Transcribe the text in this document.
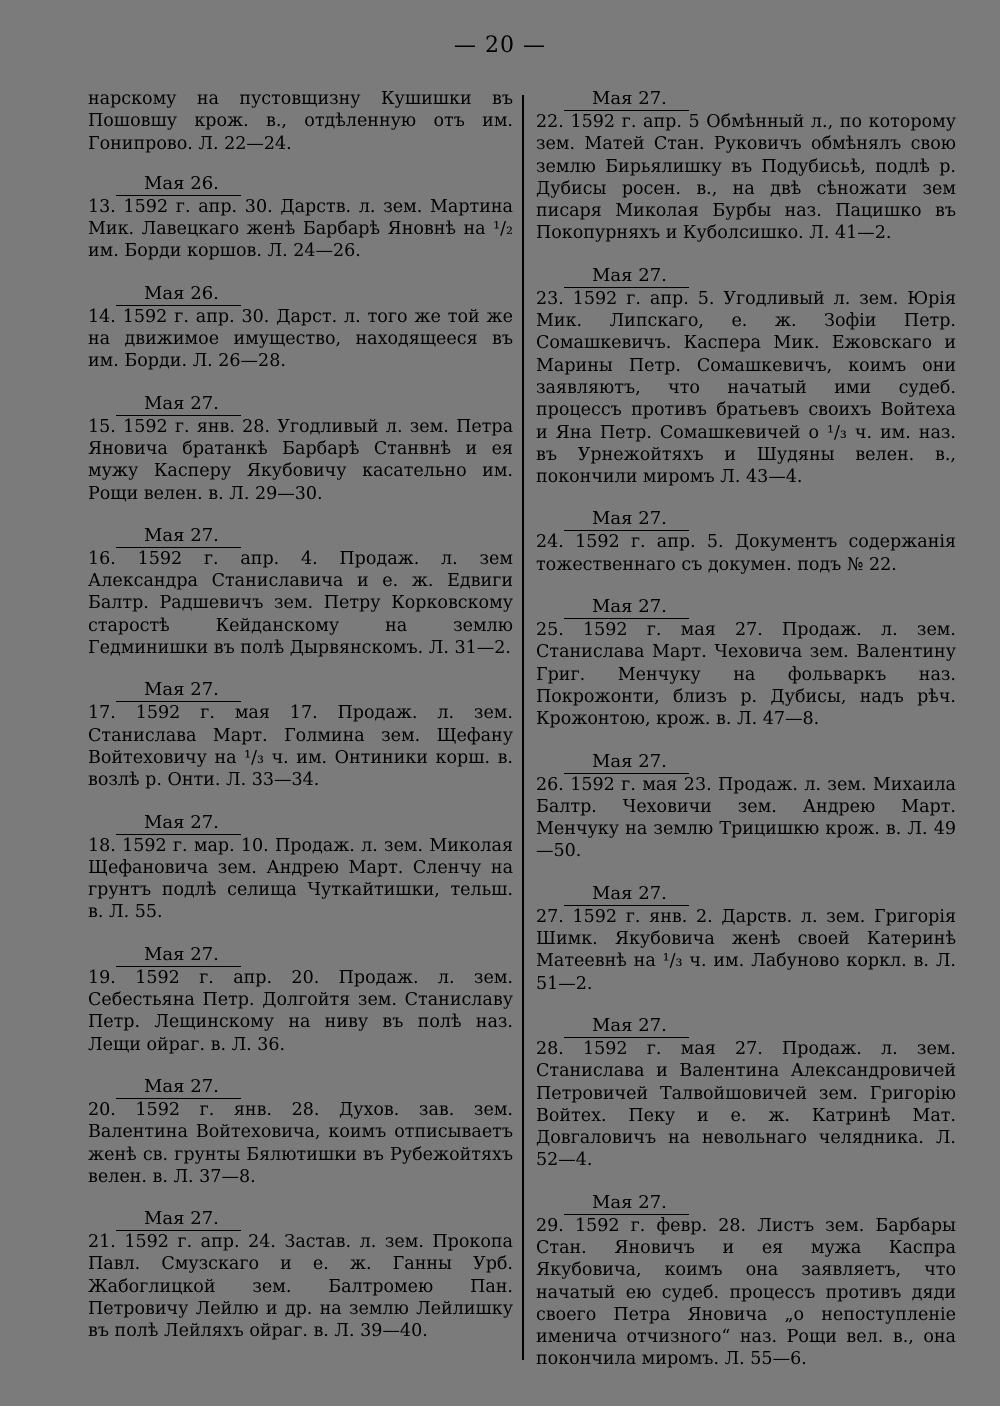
— 20 —

нарскому на пустовщизну Кушишки въ Пошовшу крож. в., отдѣленную отъ им. Гонипрово. Л. 22—24.

Мая 26.

13. 1592 г. апр. 30. Дарств. л. зем. Мартина Мик. Лавецкаго женѣ Барбарѣ Яновнѣ на ¹/₂ им. Борди коршов. Л. 24—26.

Мая 26.

14. 1592 г. апр. 30. Дарст. л. того же той же на движимое имущество, находящееся въ им. Борди. Л. 26—28.

Мая 27.

15. 1592 г. янв. 28. Угодливый л. зем. Петра Яновича братанкѣ Барбарѣ Станвнѣ и ея мужу Касперу Якубовичу касательно им. Рощи велен. в. Л. 29—30.

Мая 27.

16. 1592 г. апр. 4. Продаж. л. зем Александра Станиславича и е. ж. Едвиги Балтр. Радшевичъ зем. Петру Корковскому старостѣ Кейданскому на землю Гедминишки въ полѣ Дырвянскомъ. Л. 31—2.

Мая 27.

17. 1592 г. мая 17. Продаж. л. зем. Станислава Март. Голмина зем. Щефану Войтеховичу на ¹/₃ ч. им. Онтиники корш. в. возлѣ р. Онти. Л. 33—34.

Мая 27.

18. 1592 г. мар. 10. Продаж. л. зем. Миколая Щефановича зем. Андрею Март. Сленчу на грунтъ подлѣ селища Чуткайтишки, тельш. в. Л. 55.

Мая 27.

19. 1592 г. апр. 20. Продаж. л. зем. Себестьяна Петр. Долгойтя зем. Станиславу Петр. Лещинскому на ниву въ полѣ наз. Лещи ойраг. в. Л. 36.

Мая 27.

20. 1592 г. янв. 28. Духов. зав. зем. Валентина Войтеховича, коимъ отписываетъ женѣ св. грунты Бялютишки въ Рубежойтяхъ велен. в. Л. 37—8.

Мая 27.

21. 1592 г. апр. 24. Застав. л. зем. Прокопа Павл. Смузскаго и е. ж. Ганны Урб. Жабоглицкой зем. Балтромею Пан. Петровичу Лейлю и др. на землю Лейлишку въ полѣ Лейляхъ ойраг. в. Л. 39—40.

Мая 27.

22. 1592 г. апр. 5 Обмѣнный л., по которому зем. Матей Стан. Руковичъ обмѣнялъ свою землю Бирьялишку въ Подубисьѣ, подлѣ р. Дубисы росен. в., на двѣ сѣножати зем писаря Миколая Бурбы наз. Пацишко въ Покопурняхъ и Куболсишко. Л. 41—2.

Мая 27.

23. 1592 г. апр. 5. Угодливый л. зем. Юрія Мик. Липскаго, е. ж. Зофіи Петр. Сомашкевичъ. Каспера Мик. Ежовскаго и Марины Петр. Сомашкевичъ, коимъ они заявляютъ, что начатый ими судеб. процессъ противъ братьевъ своихъ Войтеха и Яна Петр. Сомашкевичей о ¹/₃ ч. им. наз. въ Урнежойтяхъ и Шудяны велен. в., покончили миромъ Л. 43—4.

Мая 27.

24. 1592 г. апр. 5. Документъ содержанія тожественнаго съ докумен. подъ № 22.

Мая 27.

25. 1592 г. мая 27. Продаж. л. зем. Станислава Март. Чеховича зем. Валентину Григ. Менчуку на фольваркъ наз. Покрожонти, близъ р. Дубисы, надъ рѣч. Крожонтою, крож. в. Л. 47—8.

Мая 27.

26. 1592 г. мая 23. Продаж. л. зем. Михаила Балтр. Чеховичи зем. Андрею Март. Менчуку на землю Трицишкю крож. в. Л. 49—50.

Мая 27.

27. 1592 г. янв. 2. Дарств. л. зем. Григорія Шимк. Якубовича женѣ своей Катеринѣ Матеевнѣ на ¹/₃ ч. им. Лабуново коркл. в. Л. 51—2.

Мая 27.

28. 1592 г. мая 27. Продаж. л. зем. Станислава и Валентина Александровичей Петровичей Талвойшовичей зем. Григорію Войтех. Пеку и е. ж. Катринѣ Мат. Довгаловичъ на невольнаго челядника. Л. 52—4.

Мая 27.

29. 1592 г. февр. 28. Листъ зем. Барбары Стан. Яновичъ и ея мужа Каспра Якубовича, коимъ она заявляетъ, что начатый ею судеб. процессъ противъ дяди своего Петра Яновича „о непоступленіе именича отчизного“ наз. Рощи вел. в., она покончила миромъ. Л. 55—6.
